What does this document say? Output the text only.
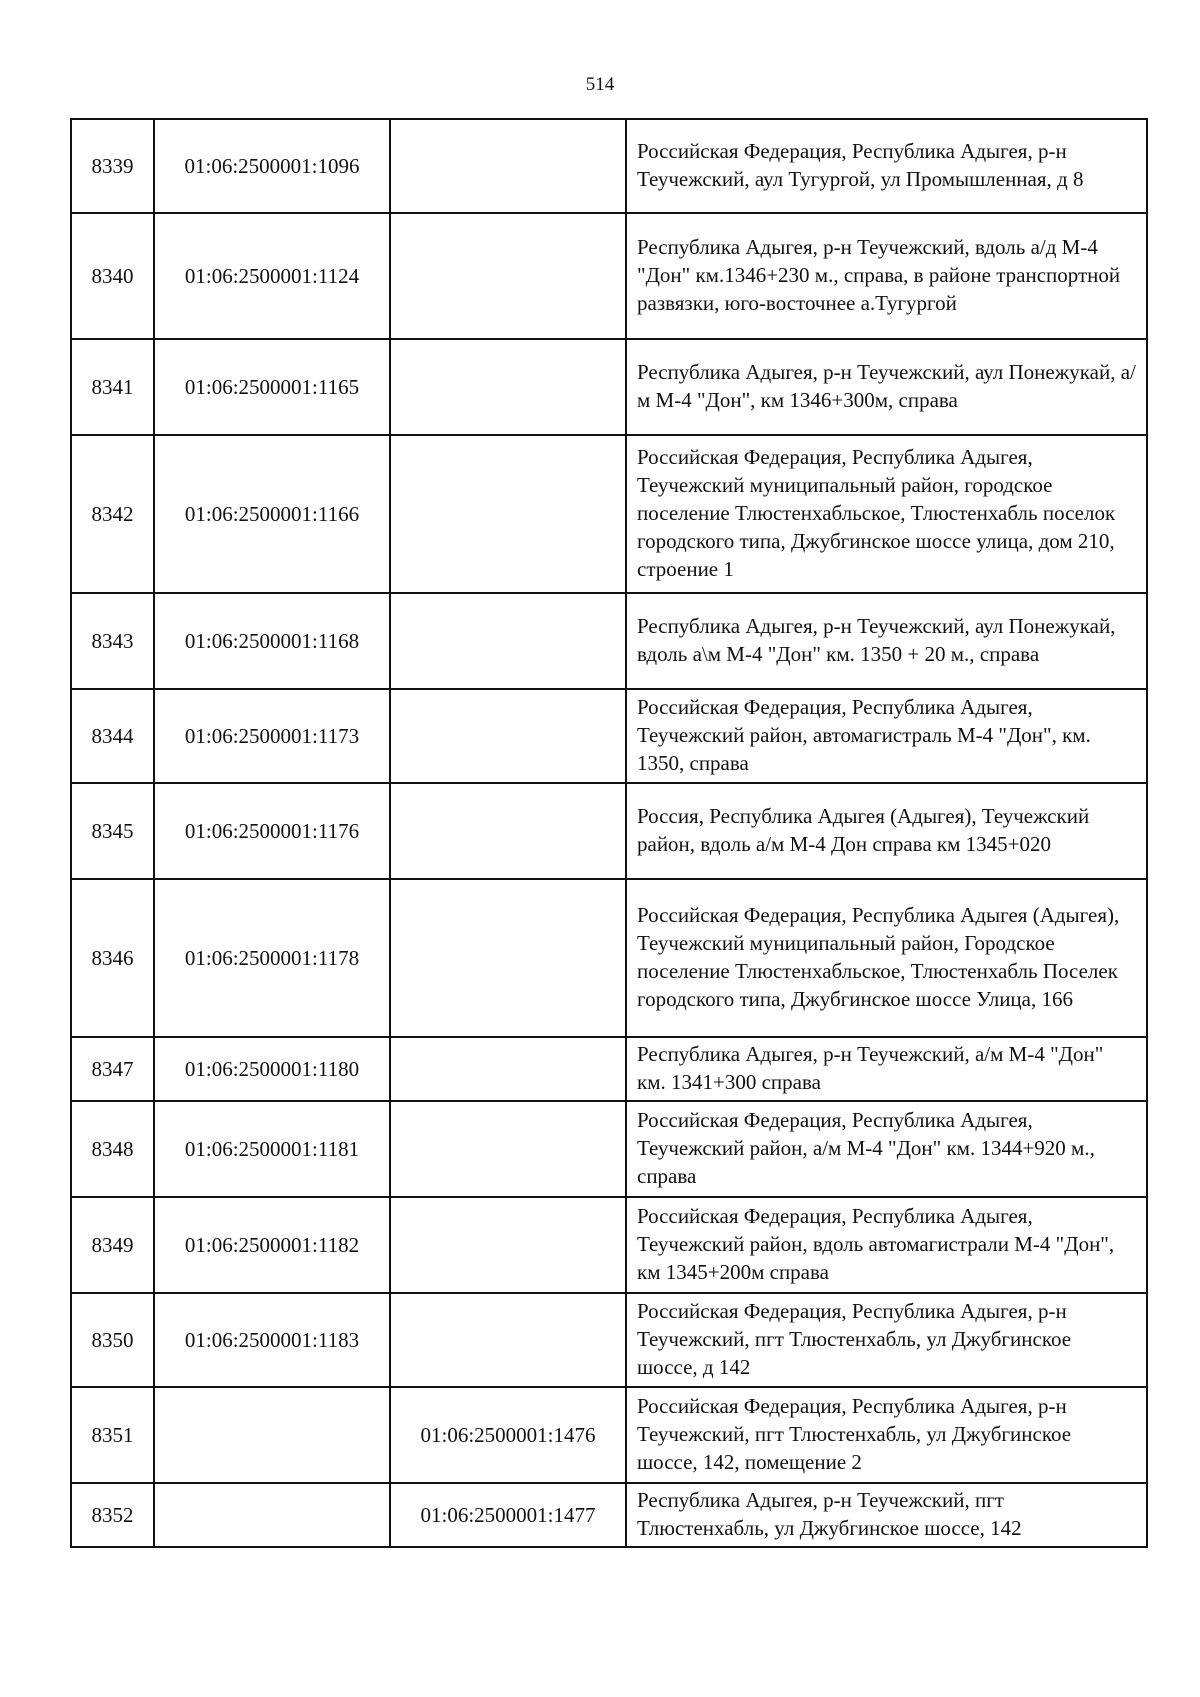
514
8339	01:06:2500001:1096		Российская Федерация, Республика Адыгея, р-н Теучежский, аул Тугургой, ул Промышленная, д 8
8340	01:06:2500001:1124		Республика Адыгея, р-н Теучежский, вдоль а/д М-4 "Дон" км.1346+230 м., справа, в районе транспортной развязки, юго-восточнее а.Тугургой
8341	01:06:2500001:1165		Республика Адыгея, р-н Теучежский, аул Понежукай, а/м М-4 "Дон", км 1346+300м, справа
8342	01:06:2500001:1166		Российская Федерация, Республика Адыгея, Теучежский муниципальный район, городское поселение Тлюстенхабльское, Тлюстенхабль поселок городского типа, Джубгинское шоссе улица, дом 210, строение 1
8343	01:06:2500001:1168		Республика Адыгея, р-н Теучежский, аул Понежукай, вдоль а\м М-4 "Дон" км. 1350 + 20 м., справа
8344	01:06:2500001:1173		Российская Федерация, Республика Адыгея, Теучежский район, автомагистраль М-4 "Дон", км. 1350, справа
8345	01:06:2500001:1176		Россия, Республика Адыгея (Адыгея), Теучежский район, вдоль а/м М-4 Дон справа км 1345+020
8346	01:06:2500001:1178		Российская Федерация, Республика Адыгея (Адыгея), Теучежский муниципальный район, Городское поселение Тлюстенхабльское, Тлюстенхабль Поселек городского типа, Джубгинское шоссе Улица, 166
8347	01:06:2500001:1180		Республика Адыгея, р-н Теучежский, а/м М-4 "Дон" км. 1341+300 справа
8348	01:06:2500001:1181		Российская Федерация, Республика Адыгея, Теучежский район, а/м М-4 "Дон" км. 1344+920 м., справа
8349	01:06:2500001:1182		Российская Федерация, Республика Адыгея, Теучежский район, вдоль автомагистрали М-4 "Дон", км 1345+200м справа
8350	01:06:2500001:1183		Российская Федерация, Республика Адыгея, р-н Теучежский, пгт Тлюстенхабль, ул Джубгинское шоссе, д 142
8351		01:06:2500001:1476	Российская Федерация, Республика Адыгея, р-н Теучежский, пгт Тлюстенхабль, ул Джубгинское шоссе, 142, помещение 2
8352		01:06:2500001:1477	Республика Адыгея, р-н Теучежский, пгт Тлюстенхабль, ул Джубгинское шоссе, 142
